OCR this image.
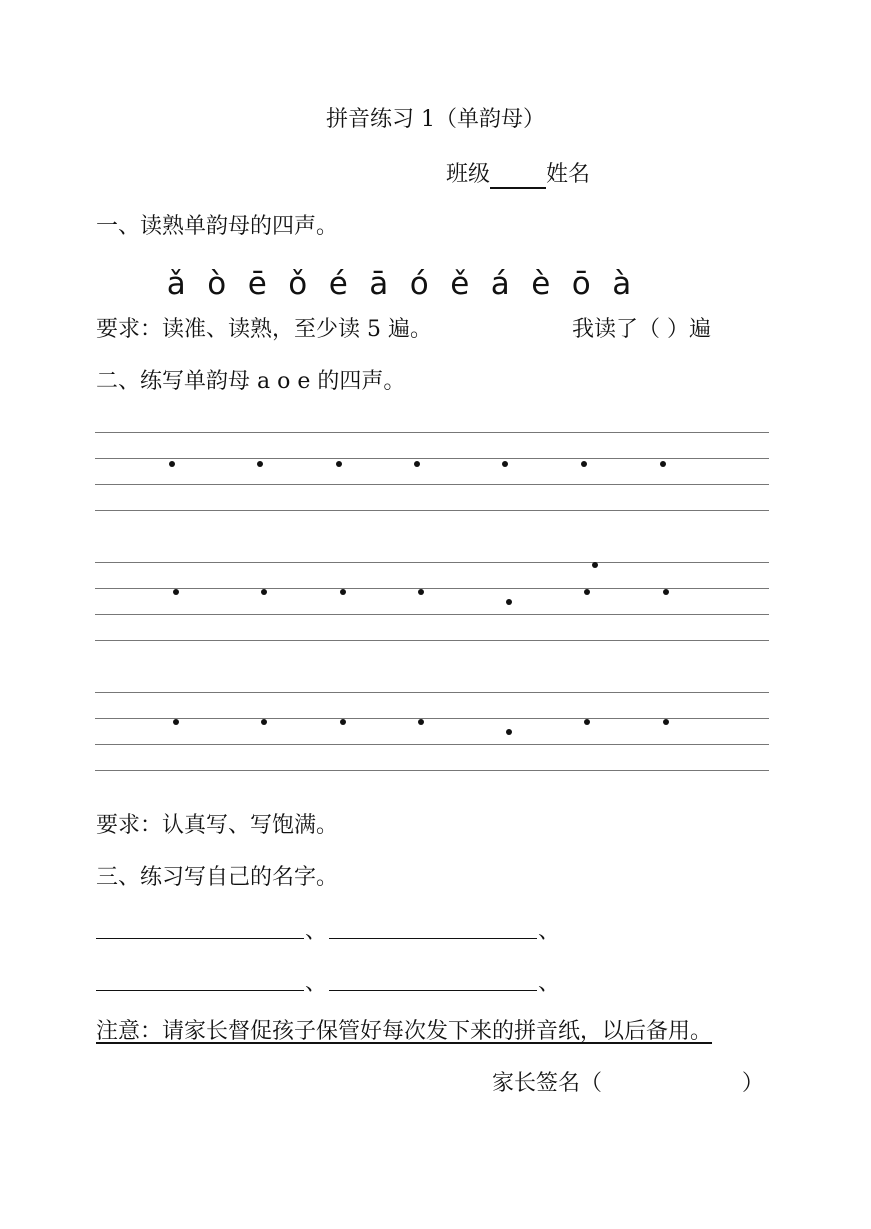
拼音练习 1（单韵母）
班级	姓名
一、读熟单韵母的四声。
ǎ ò ē ǒ é ā ó ě á è ō à
要求：读准、读熟，至少读 5 遍。	我读了（ ）遍
二、练写单韵母 a o e 的四声。
要求：认真写、写饱满。
三、练习写自己的名字。
、	、
、	、
注意：请家长督促孩子保管好每次发下来的拼音纸，以后备用。
家长签名（                    ）
